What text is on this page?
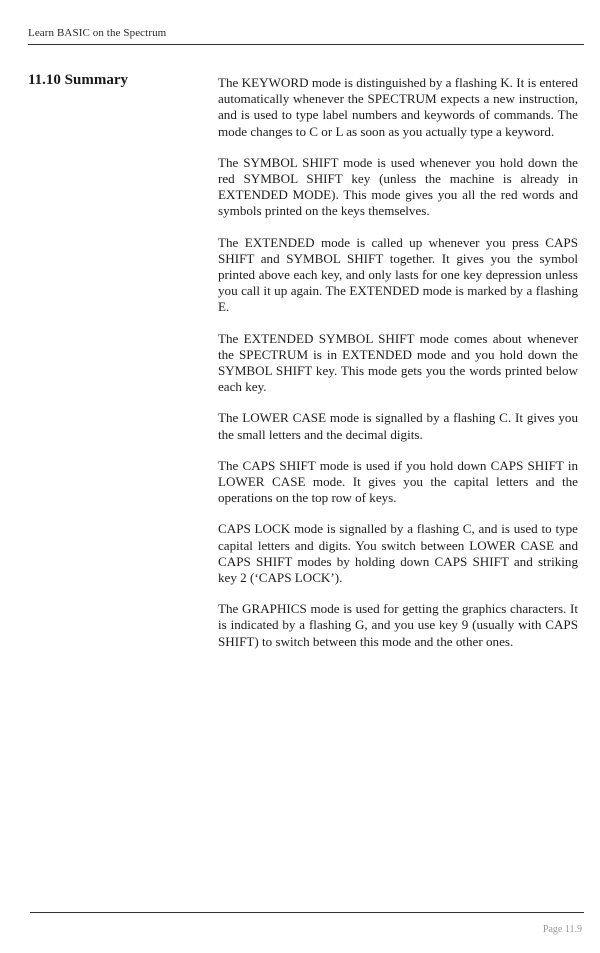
Learn BASIC on the Spectrum
11.10 Summary	The KEYWORD mode is distinguished by a flashing K. It is entered automatically whenever the SPECTRUM expects a new instruction, and is used to type label numbers and keywords of commands. The mode changes to C or L as soon as you actually type a keyword.

The SYMBOL SHIFT mode is used whenever you hold down the red SYMBOL SHIFT key (unless the machine is already in EXTENDED MODE). This mode gives you all the red words and symbols printed on the keys themselves.

The EXTENDED mode is called up whenever you press CAPS SHIFT and SYMBOL SHIFT together. It gives you the symbol printed above each key, and only lasts for one key depression unless you call it up again. The EXTENDED mode is marked by a flashing E.

The EXTENDED SYMBOL SHIFT mode comes about whenever the SPECTRUM is in EXTENDED mode and you hold down the SYMBOL SHIFT key. This mode gets you the words printed below each key.

The LOWER CASE mode is signalled by a flashing C. It gives you the small letters and the decimal digits.

The CAPS SHIFT mode is used if you hold down CAPS SHIFT in LOWER CASE mode. It gives you the capital letters and the operations on the top row of keys.

CAPS LOCK mode is signalled by a flashing C, and is used to type capital letters and digits. You switch between LOWER CASE and CAPS SHIFT modes by holding down CAPS SHIFT and striking key 2 (‘CAPS LOCK’).

The GRAPHICS mode is used for getting the graphics characters. It is indicated by a flashing G, and you use key 9 (usually with CAPS SHIFT) to switch between this mode and the other ones.

Page 11.9
